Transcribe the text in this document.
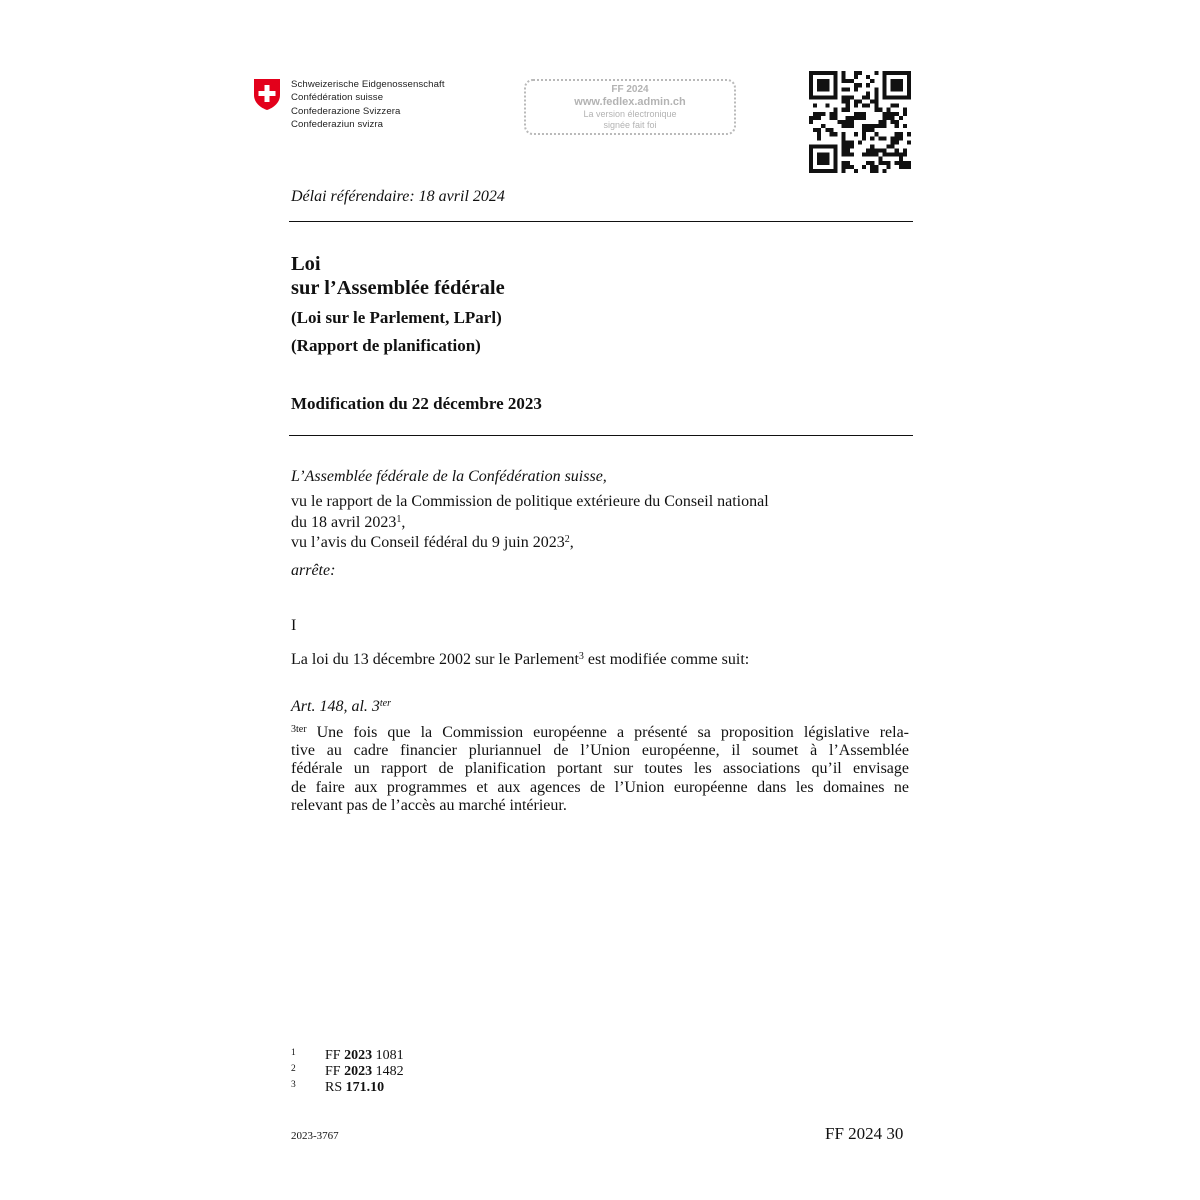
Schweizerische Eidgenossenschaft
Confédération suisse
Confederazione Svizzera
Confederaziun svizra
FF 2024
www.fedlex.admin.ch
La version électronique
signée fait foi
Délai référendaire: 18 avril 2024
Loi
sur l’Assemblée fédérale
(Loi sur le Parlement, LParl)
(Rapport de planification)
Modification du 22 décembre 2023
L’Assemblée fédérale de la Confédération suisse,
vu le rapport de la Commission de politique extérieure du Conseil national
du 18 avril 2023$^1$,
vu l’avis du Conseil fédéral du 9 juin 2023$^2$,
arrête:
I
La loi du 13 décembre 2002 sur le Parlement$^3$ est modifiée comme suit:
Art. 148, al. $3^{ter}$
$^{3ter}$ Une fois que la Commission européenne a présenté sa proposition législative rela-
tive au cadre financier pluriannuel de l’Union européenne, il soumet à l’Assemblée
fédérale un rapport de planification portant sur toutes les associations qu’il envisage
de faire aux programmes et aux agences de l’Union européenne dans les domaines ne
relevant pas de l’accès au marché intérieur.
1 FF 2023 1081
2 FF 2023 1482
3 RS 171.10
2023-3767	FF 2024 30
